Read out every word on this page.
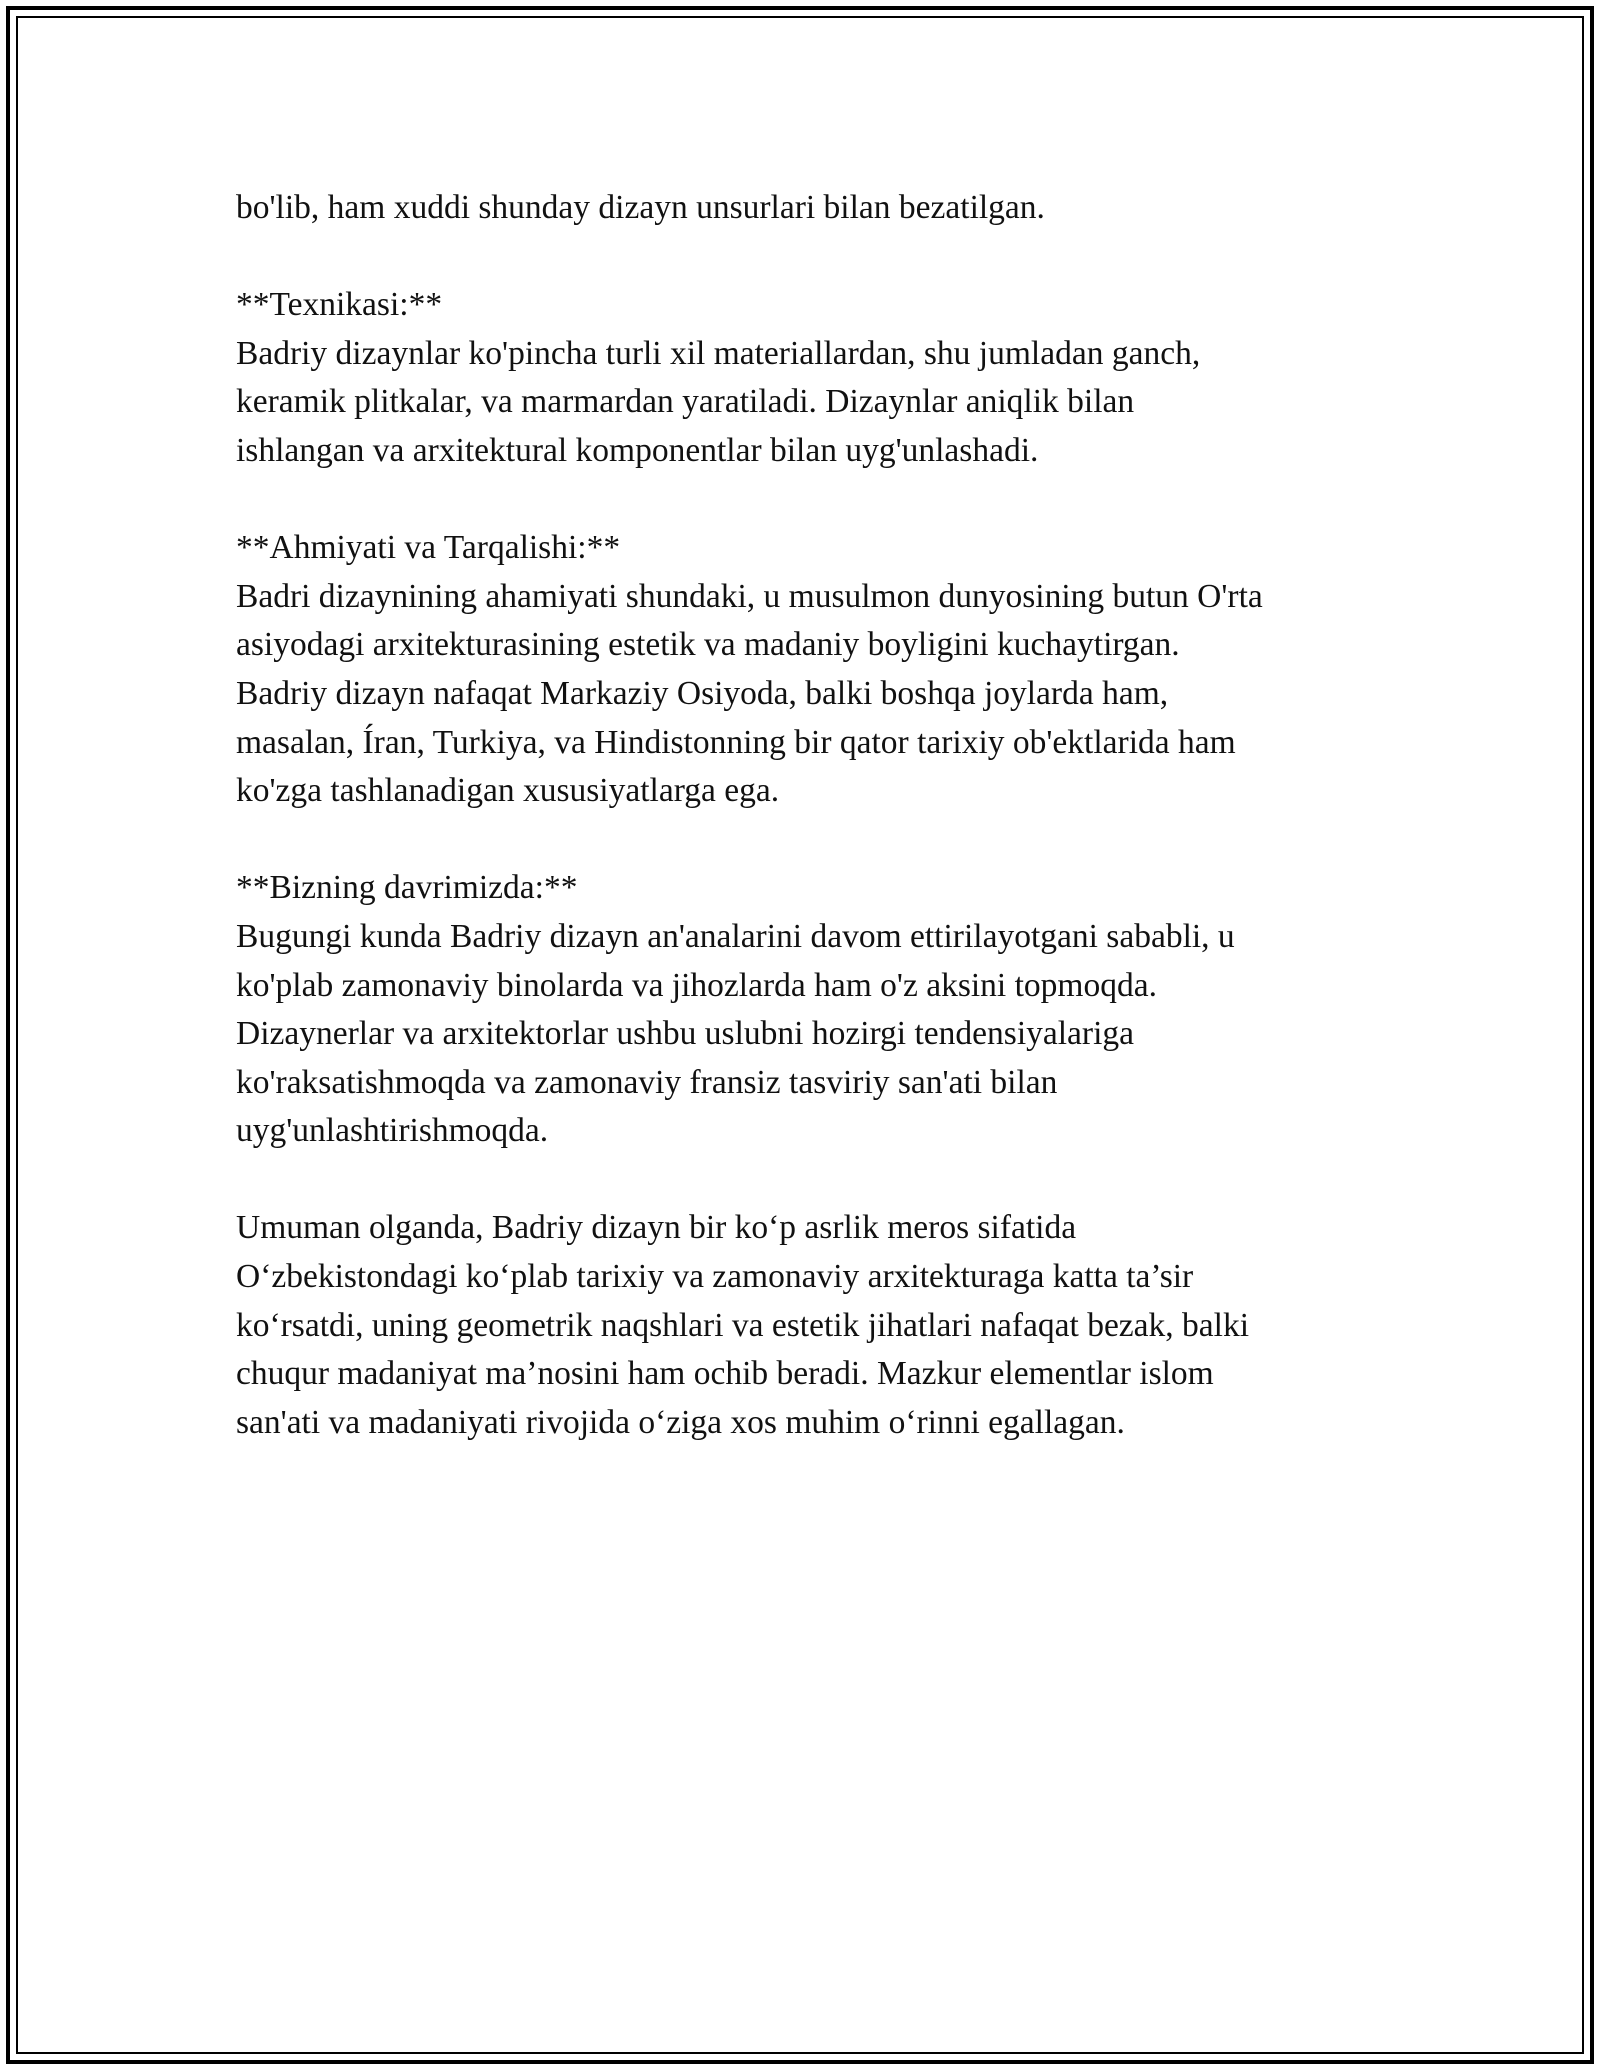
bo'lib, ham xuddi shunday dizayn unsurlari bilan bezatilgan.
**Texnikasi:**
Badriy dizaynlar ko'pincha turli xil materiallardan, shu jumladan ganch,
keramik plitkalar, va marmardan yaratiladi. Dizaynlar aniqlik bilan
ishlangan va arxitektural komponentlar bilan uyg'unlashadi.
**Ahmiyati va Tarqalishi:**
Badri dizaynining ahamiyati shundaki, u musulmon dunyosining butun O'rta
asiyodagi arxitekturasining estetik va madaniy boyligini kuchaytirgan.
Badriy dizayn nafaqat Markaziy Osiyoda, balki boshqa joylarda ham,
masalan, Íran, Turkiya, va Hindistonning bir qator tarixiy ob'ektlarida ham
ko'zga tashlanadigan xususiyatlarga ega.
**Bizning davrimizda:**
Bugungi kunda Badriy dizayn an'analarini davom ettirilayotgani sababli, u
ko'plab zamonaviy binolarda va jihozlarda ham o'z aksini topmoqda.
Dizaynerlar va arxitektorlar ushbu uslubni hozirgi tendensiyalariga
ko'raksatishmoqda va zamonaviy fransiz tasviriy san'ati bilan
uyg'unlashtirishmoqda.
Umuman olganda, Badriy dizayn bir ko‘p asrlik meros sifatida
O‘zbekistondagi ko‘plab tarixiy va zamonaviy arxitekturaga katta ta’sir
ko‘rsatdi, uning geometrik naqshlari va estetik jihatlari nafaqat bezak, balki
chuqur madaniyat ma’nosini ham ochib beradi. Mazkur elementlar islom
san'ati va madaniyati rivojida o‘ziga xos muhim o‘rinni egallagan.
